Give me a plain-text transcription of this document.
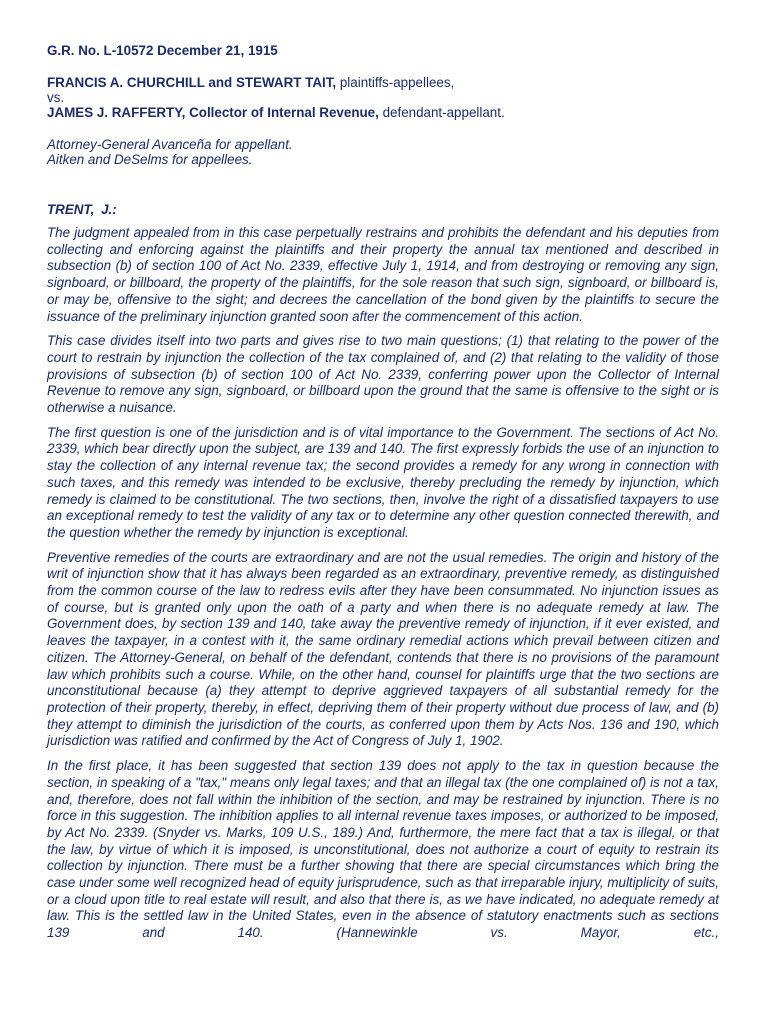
G.R. No. L-10572 December 21, 1915
FRANCIS A. CHURCHILL and STEWART TAIT, plaintiffs-appellees,
vs.
JAMES J. RAFFERTY, Collector of Internal Revenue, defendant-appellant.
Attorney-General Avanceña for appellant.
Aitken and DeSelms for appellees.
TRENT, J.:

The judgment appealed from in this case perpetually restrains and prohibits the defendant and his deputies from collecting and enforcing against the plaintiffs and their property the annual tax mentioned and described in subsection (b) of section 100 of Act No. 2339, effective July 1, 1914, and from destroying or removing any sign, signboard, or billboard, the property of the plaintiffs, for the sole reason that such sign, signboard, or billboard is, or may be, offensive to the sight; and decrees the cancellation of the bond given by the plaintiffs to secure the issuance of the preliminary injunction granted soon after the commencement of this action.

This case divides itself into two parts and gives rise to two main questions; (1) that relating to the power of the court to restrain by injunction the collection of the tax complained of, and (2) that relating to the validity of those provisions of subsection (b) of section 100 of Act No. 2339, conferring power upon the Collector of Internal Revenue to remove any sign, signboard, or billboard upon the ground that the same is offensive to the sight or is otherwise a nuisance.

The first question is one of the jurisdiction and is of vital importance to the Government. The sections of Act No. 2339, which bear directly upon the subject, are 139 and 140. The first expressly forbids the use of an injunction to stay the collection of any internal revenue tax; the second provides a remedy for any wrong in connection with such taxes, and this remedy was intended to be exclusive, thereby precluding the remedy by injunction, which remedy is claimed to be constitutional. The two sections, then, involve the right of a dissatisfied taxpayers to use an exceptional remedy to test the validity of any tax or to determine any other question connected therewith, and the question whether the remedy by injunction is exceptional.

Preventive remedies of the courts are extraordinary and are not the usual remedies. The origin and history of the writ of injunction show that it has always been regarded as an extraordinary, preventive remedy, as distinguished from the common course of the law to redress evils after they have been consummated. No injunction issues as of course, but is granted only upon the oath of a party and when there is no adequate remedy at law. The Government does, by section 139 and 140, take away the preventive remedy of injunction, if it ever existed, and leaves the taxpayer, in a contest with it, the same ordinary remedial actions which prevail between citizen and citizen. The Attorney-General, on behalf of the defendant, contends that there is no provisions of the paramount law which prohibits such a course. While, on the other hand, counsel for plaintiffs urge that the two sections are unconstitutional because (a) they attempt to deprive aggrieved taxpayers of all substantial remedy for the protection of their property, thereby, in effect, depriving them of their property without due process of law, and (b) they attempt to diminish the jurisdiction of the courts, as conferred upon them by Acts Nos. 136 and 190, which jurisdiction was ratified and confirmed by the Act of Congress of July 1, 1902.

In the first place, it has been suggested that section 139 does not apply to the tax in question because the section, in speaking of a "tax," means only legal taxes; and that an illegal tax (the one complained of) is not a tax, and, therefore, does not fall within the inhibition of the section, and may be restrained by injunction. There is no force in this suggestion. The inhibition applies to all internal revenue taxes imposes, or authorized to be imposed, by Act No. 2339. (Snyder vs. Marks, 109 U.S., 189.) And, furthermore, the mere fact that a tax is illegal, or that the law, by virtue of which it is imposed, is unconstitutional, does not authorize a court of equity to restrain its collection by injunction. There must be a further showing that there are special circumstances which bring the case under some well recognized head of equity jurisprudence, such as that irreparable injury, multiplicity of suits, or a cloud upon title to real estate will result, and also that there is, as we have indicated, no adequate remedy at law. This is the settled law in the United States, even in the absence of statutory enactments such as sections 139 and 140. (Hannewinkle vs. Mayor, etc.,
